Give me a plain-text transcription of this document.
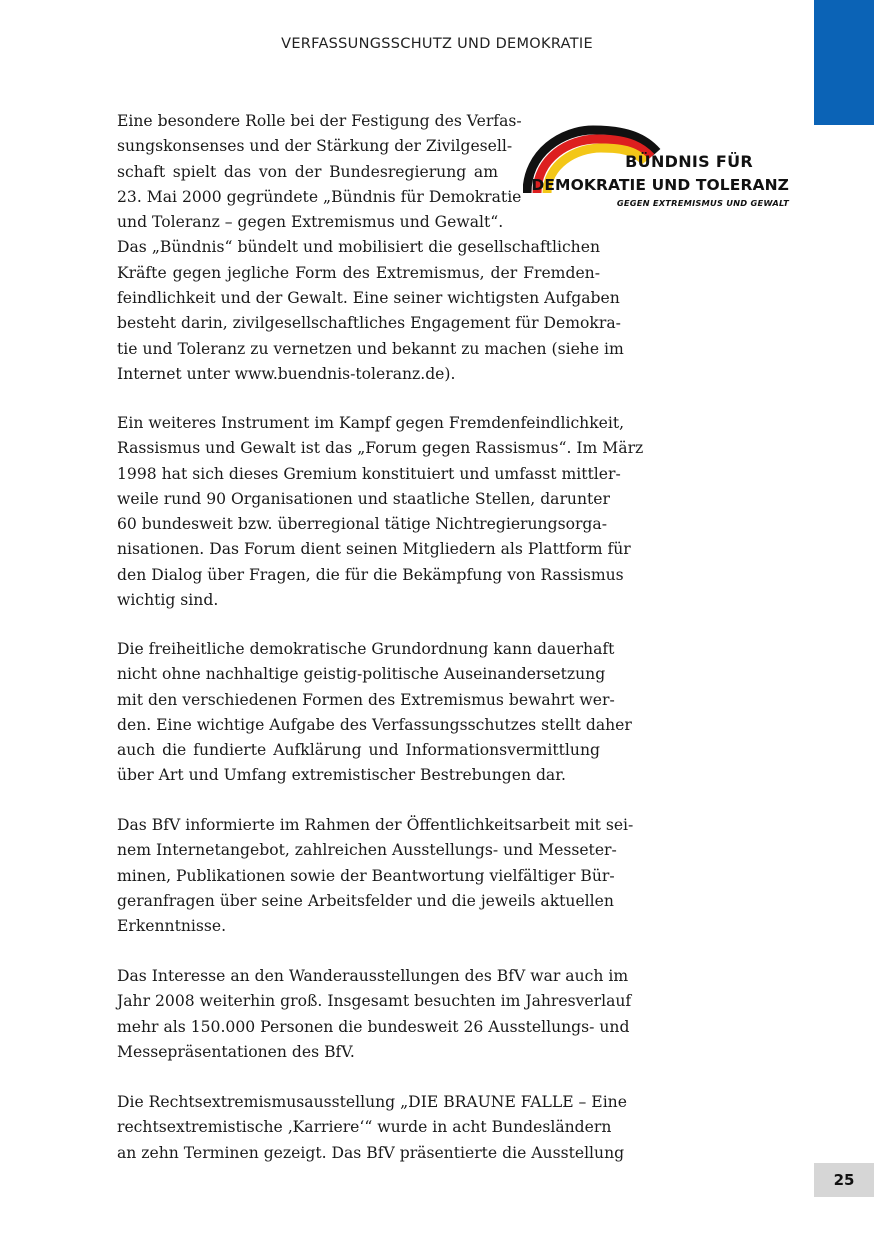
VERFASSUNGSSCHUTZ UND DEMOKRATIE
BÜNDNIS FÜR
DEMOKRATIE UND TOLERANZ
GEGEN EXTREMISMUS UND GEWALT
Eine besondere Rolle bei der Festigung des Verfas-
sungskonsenses und der Stärkung der Zivilgesell-
schaft spielt das von der Bundesregierung am
23. Mai 2000 gegründete „Bündnis für Demokratie
und Toleranz – gegen Extremismus und Gewalt“.
Das „Bündnis“ bündelt und mobilisiert die gesellschaftlichen
Kräfte gegen jegliche Form des Extremismus, der Fremden-
feindlichkeit und der Gewalt. Eine seiner wichtigsten Aufgaben
besteht darin, zivilgesellschaftliches Engagement für Demokra-
tie und Toleranz zu vernetzen und bekannt zu machen (siehe im
Internet unter www.buendnis-toleranz.de).
Ein weiteres Instrument im Kampf gegen Fremdenfeindlichkeit,
Rassismus und Gewalt ist das „Forum gegen Rassismus“. Im März
1998 hat sich dieses Gremium konstituiert und umfasst mittler-
weile rund 90 Organisationen und staatliche Stellen, darunter
60 bundesweit bzw. überregional tätige Nichtregierungsorga-
nisationen. Das Forum dient seinen Mitgliedern als Plattform für
den Dialog über Fragen, die für die Bekämpfung von Rassismus
wichtig sind.
Die freiheitliche demokratische Grundordnung kann dauerhaft
nicht ohne nachhaltige geistig-politische Auseinandersetzung
mit den verschiedenen Formen des Extremismus bewahrt wer-
den. Eine wichtige Aufgabe des Verfassungsschutzes stellt daher
auch die fundierte Aufklärung und Informationsvermittlung
über Art und Umfang extremistischer Bestrebungen dar.
Das BfV informierte im Rahmen der Öffentlichkeitsarbeit mit sei-
nem Internetangebot, zahlreichen Ausstellungs- und Messeter-
minen, Publikationen sowie der Beantwortung vielfältiger Bür-
geranfragen über seine Arbeitsfelder und die jeweils aktuellen
Erkenntnisse.
Das Interesse an den Wanderausstellungen des BfV war auch im
Jahr 2008 weiterhin groß. Insgesamt besuchten im Jahresverlauf
mehr als 150.000 Personen die bundesweit 26 Ausstellungs- und
Messepräsentationen des BfV.
Die Rechtsextremismusausstellung „DIE BRAUNE FALLE – Eine
rechtsextremistische ‚Karriere‘“ wurde in acht Bundesländern
an zehn Terminen gezeigt. Das BfV präsentierte die Ausstellung
25
